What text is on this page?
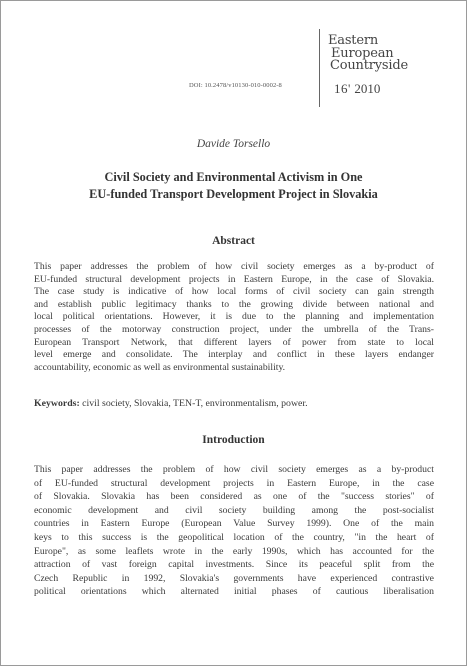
DOI: 10.2478/v10130-010-0002-8
Eastern
European
Countryside
16' 2010
Davide Torsello
Civil Society and Environmental Activism in One
EU-funded Transport Development Project in Slovakia
Abstract
This paper addresses the problem of how civil society emerges as a by-product of
EU-funded structural development projects in Eastern Europe, in the case of Slovakia.
The case study is indicative of how local forms of civil society can gain strength
and establish public legitimacy thanks to the growing divide between national and
local political orientations. However, it is due to the planning and implementation
processes of the motorway construction project, under the umbrella of the Trans-
European Transport Network, that different layers of power from state to local
level emerge and consolidate. The interplay and conflict in these layers endanger
accountability, economic as well as environmental sustainability.
Keywords: civil society, Slovakia, TEN-T, environmentalism, power.
Introduction
This paper addresses the problem of how civil society emerges as a by-product
of EU-funded structural development projects in Eastern Europe, in the case
of Slovakia. Slovakia has been considered as one of the "success stories" of
economic development and civil society building among the post-socialist
countries in Eastern Europe (European Value Survey 1999). One of the main
keys to this success is the geopolitical location of the country, "in the heart of
Europe", as some leaflets wrote in the early 1990s, which has accounted for the
attraction of vast foreign capital investments. Since its peaceful split from the
Czech Republic in 1992, Slovakia's governments have experienced contrastive
political orientations which alternated initial phases of cautious liberalisation
